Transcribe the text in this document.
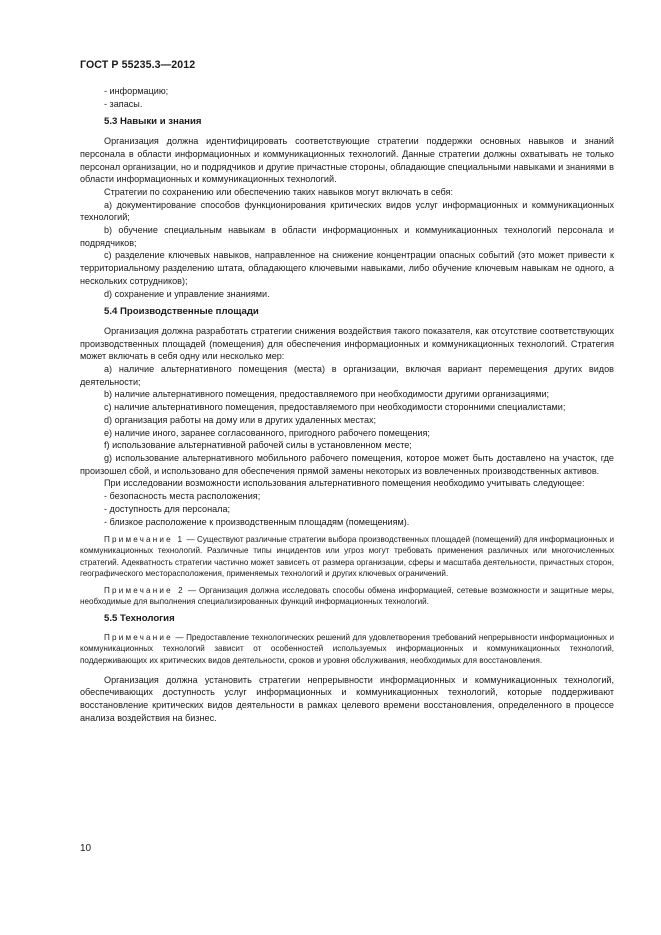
ГОСТ Р 55235.3—2012
- информацию;
- запасы.
5.3 Навыки и знания
Организация должна идентифицировать соответствующие стратегии поддержки основных навыков и знаний персонала в области информационных и коммуникационных технологий. Данные стратегии должны охватывать не только персонал организации, но и подрядчиков и другие причастные стороны, обладающие специальными навыками и знаниями в области информационных и коммуникационных технологий.
Стратегии по сохранению или обеспечению таких навыков могут включать в себя:
а) документирование способов функционирования критических видов услуг информационных и коммуникационных технологий;
b) обучение специальным навыкам в области информационных и коммуникационных технологий персонала и подрядчиков;
с) разделение ключевых навыков, направленное на снижение концентрации опасных событий (это может привести к территориальному разделению штата, обладающего ключевыми навыками, либо обучение ключевым навыкам не одного, а нескольких сотрудников);
d) сохранение и управление знаниями.
5.4 Производственные площади
Организация должна разработать стратегии снижения воздействия такого показателя, как отсутствие соответствующих производственных площадей (помещения) для обеспечения информационных и коммуникационных технологий. Стратегия может включать в себя одну или несколько мер:
а) наличие альтернативного помещения (места) в организации, включая вариант перемещения других видов деятельности;
b) наличие альтернативного помещения, предоставляемого при необходимости другими организациями;
с) наличие альтернативного помещения, предоставляемого при необходимости сторонними специалистами;
d) организация работы на дому или в других удаленных местах;
е) наличие иного, заранее согласованного, пригодного рабочего помещения;
f) использование альтернативной рабочей силы в установленном месте;
g) использование альтернативного мобильного рабочего помещения, которое может быть доставлено на участок, где произошел сбой, и использовано для обеспечения прямой замены некоторых из вовлеченных производственных активов.
При исследовании возможности использования альтернативного помещения необходимо учитывать следующее:
- безопасность места расположения;
- доступность для персонала;
- близкое расположение к производственным площадям (помещениям).
Примечание 1 — Существуют различные стратегии выбора производственных площадей (помещений) для информационных и коммуникационных технологий. Различные типы инцидентов или угроз могут требовать применения различных или многочисленных стратегий. Адекватность стратегии частично может зависеть от размера организации, сферы и масштаба деятельности, причастных сторон, географического месторасположения, применяемых технологий и других ключевых ограничений.
Примечание 2 — Организация должна исследовать способы обмена информацией, сетевые возможности и защитные меры, необходимые для выполнения специализированных функций информационных технологий.
5.5 Технология
Примечание — Предоставление технологических решений для удовлетворения требований непрерывности информационных и коммуникационных технологий зависит от особенностей используемых информационных и коммуникационных технологий, поддерживающих их критических видов деятельности, сроков и уровня обслуживания, необходимых для восстановления.
Организация должна установить стратегии непрерывности информационных и коммуникационных технологий, обеспечивающих доступность услуг информационных и коммуникационных технологий, которые поддерживают восстановление критических видов деятельности в рамках целевого времени восстановления, определенного в процессе анализа воздействия на бизнес.
10
